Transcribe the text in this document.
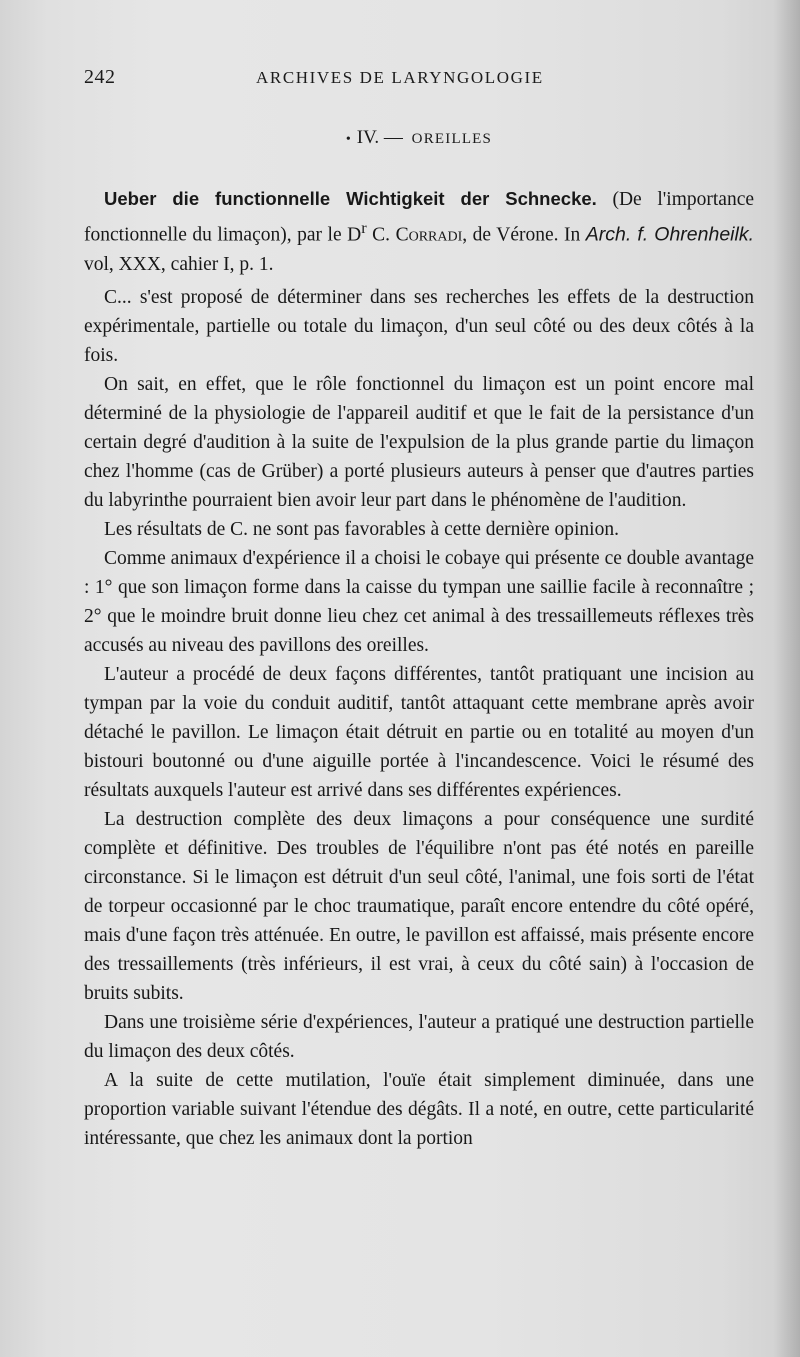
242	ARCHIVES DE LARYNGOLOGIE
• IV. — OREILLES

Ueber die functionnelle Wichtigkeit der Schnecke. (De l'importance fonctionnelle du limaçon), par le $D^r$ C. Corradi, de Vérone. In Arch. f. Ohrenheilk. vol, XXX, cahier I, p. 1.

C... s'est proposé de déterminer dans ses recherches les effets de la destruction expérimentale, partielle ou totale du limaçon, d'un seul côté ou des deux côtés à la fois.

On sait, en effet, que le rôle fonctionnel du limaçon est un point encore mal déterminé de la physiologie de l'appareil auditif et que le fait de la persistance d'un certain degré d'audition à la suite de l'expulsion de la plus grande partie du limaçon chez l'homme (cas de Grüber) a porté plusieurs auteurs à penser que d'autres parties du labyrinthe pourraient bien avoir leur part dans le phénomène de l'audition.

Les résultats de C. ne sont pas favorables à cette dernière opinion.

Comme animaux d'expérience il a choisi le cobaye qui présente ce double avantage : 1° que son limaçon forme dans la caisse du tympan une saillie facile à reconnaître ; 2° que le moindre bruit donne lieu chez cet animal à des tressaillemeuts réflexes très accusés au niveau des pavillons des oreilles.

L'auteur a procédé de deux façons différentes, tantôt pratiquant une incision au tympan par la voie du conduit auditif, tantôt attaquant cette membrane après avoir détaché le pavillon. Le limaçon était détruit en partie ou en totalité au moyen d'un bistouri boutonné ou d'une aiguille portée à l'incandescence. Voici le résumé des résultats auxquels l'auteur est arrivé dans ses différentes expériences.

La destruction complète des deux limaçons a pour conséquence une surdité complète et définitive. Des troubles de l'équilibre n'ont pas été notés en pareille circonstance. Si le limaçon est détruit d'un seul côté, l'animal, une fois sorti de l'état de torpeur occasionné par le choc traumatique, paraît encore entendre du côté opéré, mais d'une façon très atténuée. En outre, le pavillon est affaissé, mais présente encore des tressaillements (très inférieurs, il est vrai, à ceux du côté sain) à l'occasion de bruits subits.

Dans une troisième série d'expériences, l'auteur a pratiqué une destruction partielle du limaçon des deux côtés.

A la suite de cette mutilation, l'ouïe était simplement diminuée, dans une proportion variable suivant l'étendue des dégâts. Il a noté, en outre, cette particularité intéressante, que chez les animaux dont la portion
